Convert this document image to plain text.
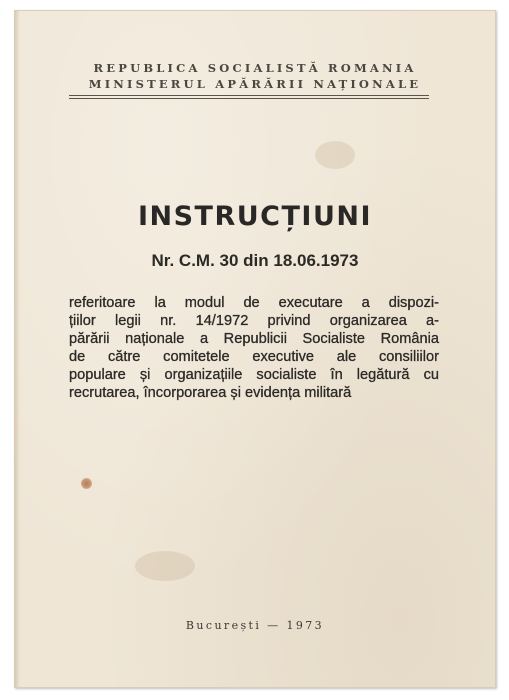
REPUBLICA SOCIALISTĂ ROMANIA
MINISTERUL APĂRĂRII NAȚIONALE
INSTRUCȚIUNI
Nr. C.M. 30 din 18.06.1973
referitoare la modul de executare a dispozi-
țiilor legii nr. 14/1972 privind organizarea a-
părării naționale a Republicii Socialiste România
de către comitetele executive ale consiliilor
populare și organizațiile socialiste în legătură cu
recrutarea, încorporarea și evidența militară
București — 1973
